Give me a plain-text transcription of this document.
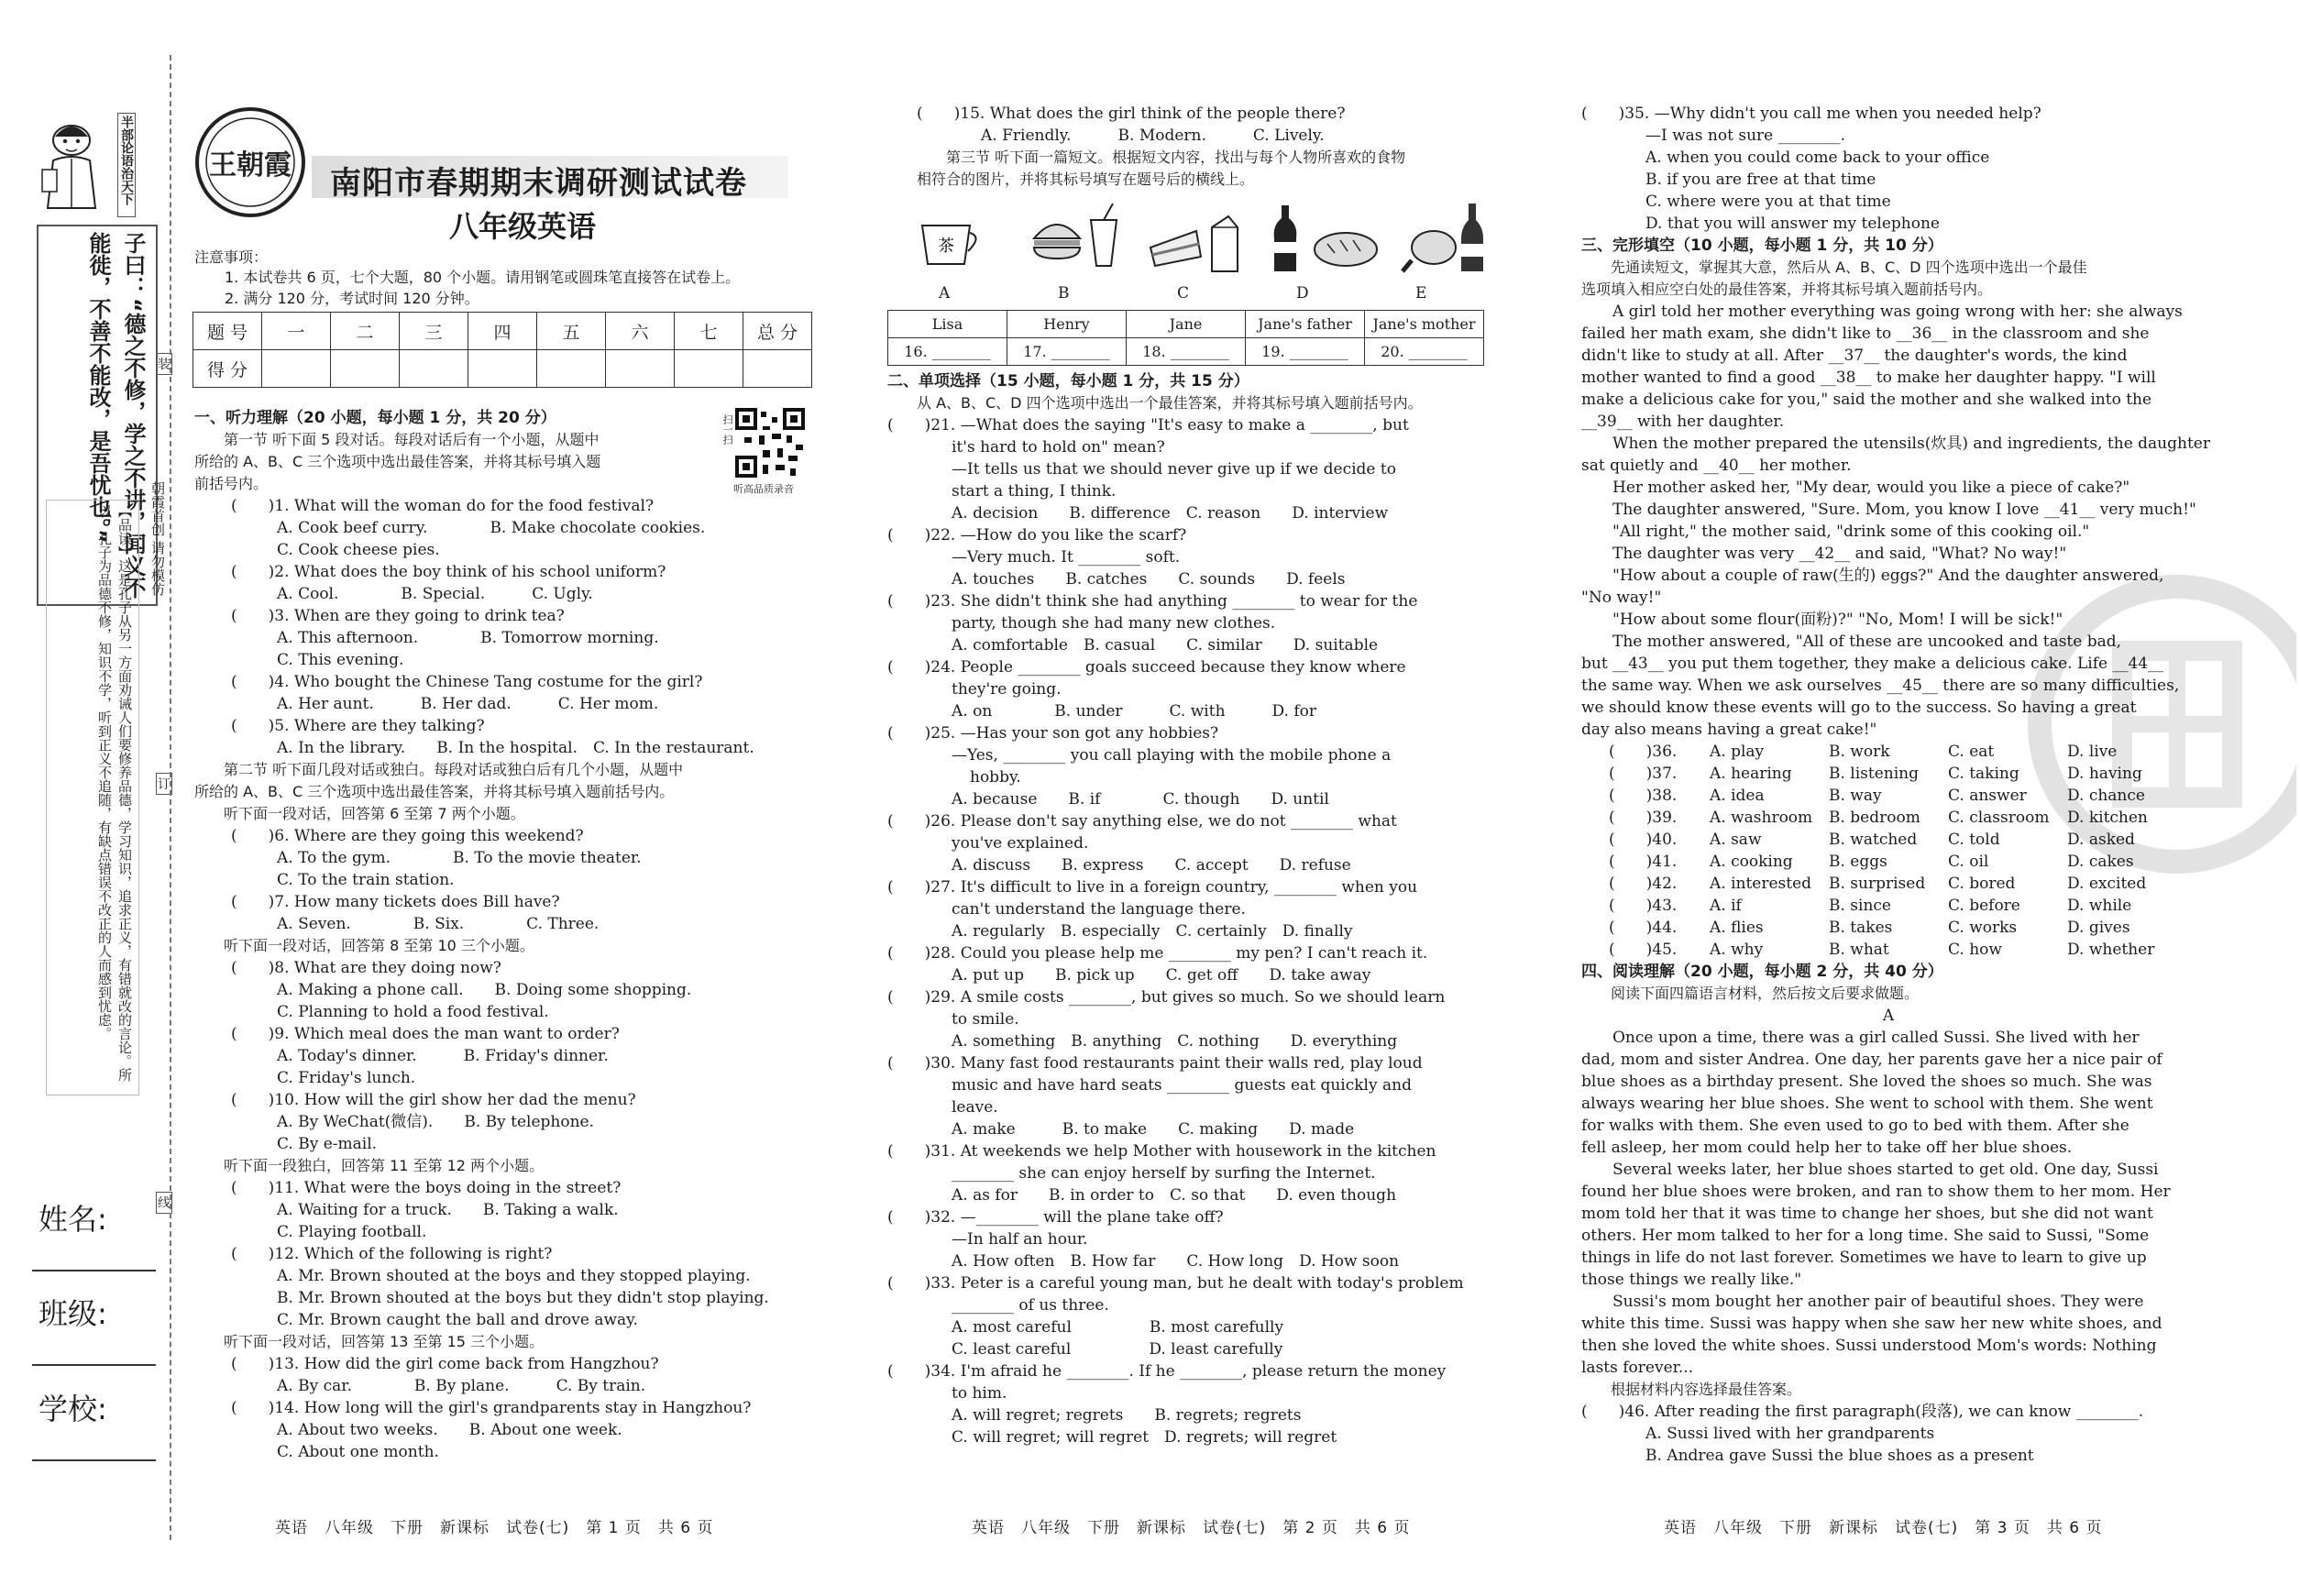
半部论语治天下
子曰：“德之不修，学之不讲，闻义不能徙，不善不能改，是吾忧也。”
【品读】这是孔子从另一方面劝诫人们要修养品德，学习知识，追求正义，有错就改的言论。所以，孔子为品德不修，知识不学，听到正义不追随，有缺点错误不改正的人而感到忧虑。	朝霞首创 请勿模仿
装
订
线
姓名:
班级:
学校:
王朝霞 南阳市春期期末调研测试试卷
八年级英语
注意事项：
1. 本试卷共 6 页，七个大题，80 个小题。请用钢笔或圆珠笔直接答在试卷上。
2. 满分 120 分，考试时间 120 分钟。
题 号	一	二	三	四	五	六	七	总 分
得 分								
扫一扫
听高品质录音
一、听力理解（20 小题，每小题 1 分，共 20 分）
　　第一节 听下面 5 段对话。每段对话后有一个小题，从题中
所给的 A、B、C 三个选项中选出最佳答案，并将其标号填入题
前括号内。
(　　)1. What will the woman do for the food festival?
A. Cook beef curry.　　　　B. Make chocolate cookies.
C. Cook cheese pies.
(　　)2. What does the boy think of his school uniform?
A. Cool.　　　　B. Special.　　　C. Ugly.
(　　)3. When are they going to drink tea?
A. This afternoon.　　　　B. Tomorrow morning.
C. This evening.
(　　)4. Who bought the Chinese Tang costume for the girl?
A. Her aunt.　　　B. Her dad.　　　C. Her mom.
(　　)5. Where are they talking?
A. In the library.　　B. In the hospital.　C. In the restaurant.
　　第二节 听下面几段对话或独白。每段对话或独白后有几个小题，从题中
所给的 A、B、C 三个选项中选出最佳答案，并将其标号填入题前括号内。
　　听下面一段对话，回答第 6 至第 7 两个小题。
(　　)6. Where are they going this weekend?
A. To the gym.　　　　B. To the movie theater.
C. To the train station.
(　　)7. How many tickets does Bill have?
A. Seven.　　　　B. Six.　　　　C. Three.
　　听下面一段对话，回答第 8 至第 10 三个小题。
(　　)8. What are they doing now?
A. Making a phone call.　　B. Doing some shopping.
C. Planning to hold a food festival.
(　　)9. Which meal does the man want to order?
A. Today's dinner.　　　B. Friday's dinner.
C. Friday's lunch.
(　　)10. How will the girl show her dad the menu?
A. By WeChat(微信).　　B. By telephone.
C. By e-mail.
　　听下面一段独白，回答第 11 至第 12 两个小题。
(　　)11. What were the boys doing in the street?
A. Waiting for a truck.　　B. Taking a walk.
C. Playing football.
(　　)12. Which of the following is right?
A. Mr. Brown shouted at the boys and they stopped playing.
B. Mr. Brown shouted at the boys but they didn't stop playing.
C. Mr. Brown caught the ball and drove away.
　　听下面一段对话，回答第 13 至第 15 三个小题。
(　　)13. How did the girl come back from Hangzhou?
A. By car.　　　　B. By plane.　　　C. By train.
(　　)14. How long will the girl's grandparents stay in Hangzhou?
A. About two weeks.　　B. About one week.
C. About one month.
(　　)15. What does the girl think of the people there?
A. Friendly.　　　B. Modern.　　　C. Lively.
　　第三节 听下面一篇短文。根据短文内容，找出与每个人物所喜欢的食物
相符合的图片，并将其标号填写在题号后的横线上。
茶
A	B	C	D	E
Lisa	Henry	Jane	Jane's father	Jane's mother
16. ________	17. ________	18. ________	19. ________	20. ________
二、单项选择（15 小题，每小题 1 分，共 15 分）
　　从 A、B、C、D 四个选项中选出一个最佳答案，并将其标号填入题前括号内。
(　　)21. —What does the saying "It's easy to make a ________, but
it's hard to hold on" mean?
—It tells us that we should never give up if we decide to
start a thing, I think.
A. decision　　B. difference　C. reason　　D. interview
(　　)22. —How do you like the scarf?
—Very much. It ________ soft.
A. touches　　B. catches　　C. sounds　　D. feels
(　　)23. She didn't think she had anything ________ to wear for the
party, though she had many new clothes.
A. comfortable　B. casual　　C. similar　　D. suitable
(　　)24. People ________ goals succeed because they know where
they're going.
A. on　　　　B. under　　　C. with　　　D. for
(　　)25. —Has your son got any hobbies?
—Yes, ________ you call playing with the mobile phone a
hobby.
A. because　　B. if　　　　C. though　　D. until
(　　)26. Please don't say anything else, we do not ________ what
you've explained.
A. discuss　　B. express　　C. accept　　D. refuse
(　　)27. It's difficult to live in a foreign country, ________ when you
can't understand the language there.
A. regularly　B. especially　C. certainly　D. finally
(　　)28. Could you please help me ________ my pen? I can't reach it.
A. put up　　B. pick up　　C. get off　　D. take away
(　　)29. A smile costs ________, but gives so much. So we should learn
to smile.
A. something　B. anything　C. nothing　　D. everything
(　　)30. Many fast food restaurants paint their walls red, play loud
music and have hard seats ________ guests eat quickly and
leave.
A. make　　　B. to make　　C. making　　D. made
(　　)31. At weekends we help Mother with housework in the kitchen
________ she can enjoy herself by surfing the Internet.
A. as for　　B. in order to　C. so that　　D. even though
(　　)32. —________ will the plane take off?
—In half an hour.
A. How often　B. How far　　C. How long　D. How soon
(　　)33. Peter is a careful young man, but he dealt with today's problem
________ of us three.
A. most careful　　　　　B. most carefully
C. least careful　　　　　D. least carefully
(　　)34. I'm afraid he ________. If he ________, please return the money
to him.
A. will regret; regrets　　B. regrets; regrets
C. will regret; will regret　D. regrets; will regret
(　　)35. —Why didn't you call me when you needed help?
—I was not sure ________.
A. when you could come back to your office
B. if you are free at that time
C. where were you at that time
D. that you will answer my telephone
三、完形填空（10 小题，每小题 1 分，共 10 分）
　　先通读短文，掌握其大意，然后从 A、B、C、D 四个选项中选出一个最佳
选项填入相应空白处的最佳答案，并将其标号填入题前括号内。
　　A girl told her mother everything was going wrong with her: she always
failed her math exam, she didn't like to __36__ in the classroom and she
didn't like to study at all. After __37__ the daughter's words, the kind
mother wanted to find a good __38__ to make her daughter happy. "I will
make a delicious cake for you," said the mother and she walked into the
__39__ with her daughter.
　　When the mother prepared the utensils(炊具) and ingredients, the daughter
sat quietly and __40__ her mother.
　　Her mother asked her, "My dear, would you like a piece of cake?"
　　The daughter answered, "Sure. Mom, you know I love __41__ very much!"
　　"All right," the mother said, "drink some of this cooking oil."
　　The daughter was very __42__ and said, "What? No way!"
　　"How about a couple of raw(生的) eggs?" And the daughter answered,
"No way!"
　　"How about some flour(面粉)?" "No, Mom! I will be sick!"
　　The mother answered, "All of these are uncooked and taste bad,
but __43__ you put them together, they make a delicious cake. Life __44__
the same way. When we ask ourselves __45__ there are so many difficulties,
we should know these events will go to the success. So having a great
day also means having a great cake!"
(　　)36. A. play	B. work	C. eat	D. live
(　　)37. A. hearing B. listening C. taking	D. having
(　　)38. A. idea	B. way	C. answer	D. chance
(　　)39. A. washroom B. bedroom C. classroom D. kitchen
(　　)40. A. saw	B. watched C. told	D. asked
(　　)41. A. cooking B. eggs	C. oil	D. cakes
(　　)42. A. interested B. surprised C. bored	D. excited
(　　)43. A. if	B. since	C. before	D. while
(　　)44. A. flies	B. takes	C. works	D. gives
(　　)45. A. why	B. what	C. how	D. whether
四、阅读理解（20 小题，每小题 2 分，共 40 分）
　　阅读下面四篇语言材料，然后按文后要求做题。
A
　　Once upon a time, there was a girl called Sussi. She lived with her
dad, mom and sister Andrea. One day, her parents gave her a nice pair of
blue shoes as a birthday present. She loved the shoes so much. She was
always wearing her blue shoes. She went to school with them. She went
for walks with them. She even used to go to bed with them. After she
fell asleep, her mom could help her to take off her blue shoes.
　　Several weeks later, her blue shoes started to get old. One day, Sussi
found her blue shoes were broken, and ran to show them to her mom. Her
mom told her that it was time to change her shoes, but she did not want
others. Her mom talked to her for a long time. She said to Sussi, "Some
things in life do not last forever. Sometimes we have to learn to give up
those things we really like."
　　Sussi's mom bought her another pair of beautiful shoes. They were
white this time. Sussi was happy when she saw her new white shoes, and
then she loved the white shoes. Sussi understood Mom's words: Nothing
lasts forever...
　　根据材料内容选择最佳答案。
(　　)46. After reading the first paragraph(段落), we can know ________.
A. Sussi lived with her grandparents
B. Andrea gave Sussi the blue shoes as a present
英语　八年级　下册　新课标　试卷(七)　第 1 页　共 6 页	英语　八年级　下册　新课标　试卷(七)　第 2 页　共 6 页	英语　八年级　下册　新课标　试卷(七)　第 3 页　共 6 页
